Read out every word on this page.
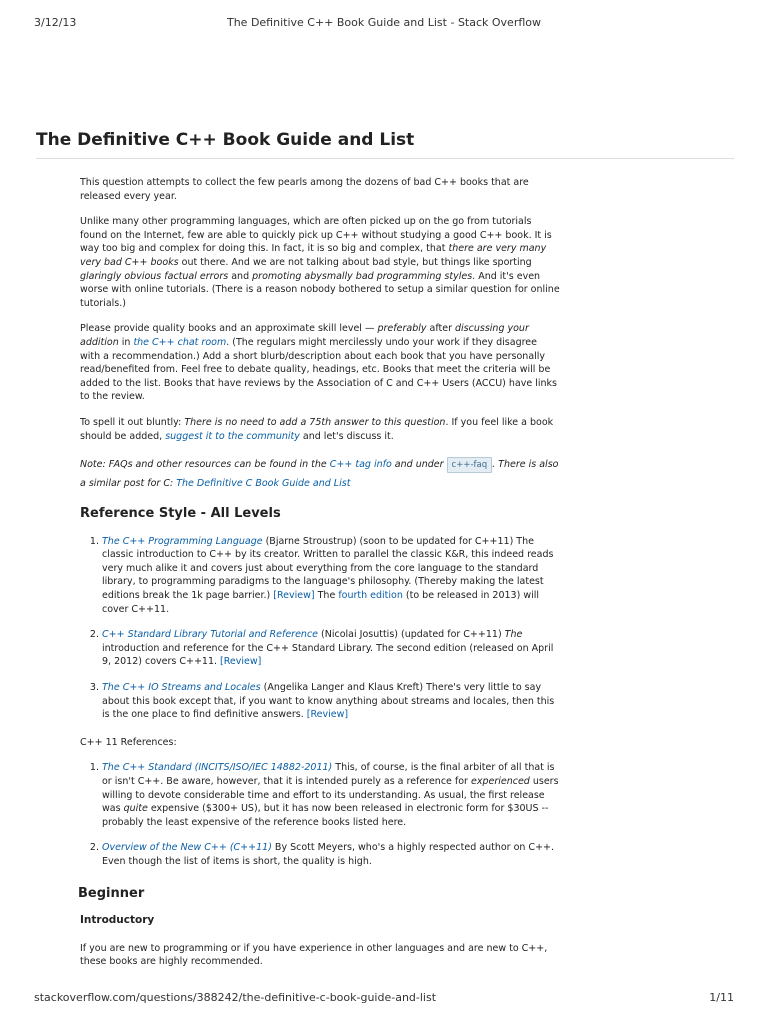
3/12/13	The Definitive C++ Book Guide and List - Stack Overflow
The Definitive C++ Book Guide and List

This question attempts to collect the few pearls among the dozens of bad C++ books that are released every year.

Unlike many other programming languages, which are often picked up on the go from tutorials found on the Internet, few are able to quickly pick up C++ without studying a good C++ book. It is way too big and complex for doing this. In fact, it is so big and complex, that there are very many very bad C++ books out there. And we are not talking about bad style, but things like sporting glaringly obvious factual errors and promoting abysmally bad programming styles. And it's even worse with online tutorials. (There is a reason nobody bothered to setup a similar question for online tutorials.)

Please provide quality books and an approximate skill level — preferably after discussing your addition in the C++ chat room. (The regulars might mercilessly undo your work if they disagree with a recommendation.) Add a short blurb/description about each book that you have personally read/benefited from. Feel free to debate quality, headings, etc. Books that meet the criteria will be added to the list. Books that have reviews by the Association of C and C++ Users (ACCU) have links to the review.

To spell it out bluntly: There is no need to add a 75th answer to this question. If you feel like a book should be added, suggest it to the community and let's discuss it.

Note: FAQs and other resources can be found in the C++ tag info and under c++-faq . There is also a similar post for C: The Definitive C Book Guide and List

Reference Style - All Levels
1. The C++ Programming Language (Bjarne Stroustrup) (soon to be updated for C++11) The classic introduction to C++ by its creator. Written to parallel the classic K&R, this indeed reads very much alike it and covers just about everything from the core language to the standard library, to programming paradigms to the language's philosophy. (Thereby making the latest editions break the 1k page barrier.) [Review] The fourth edition (to be released in 2013) will cover C++11.
2. C++ Standard Library Tutorial and Reference (Nicolai Josuttis) (updated for C++11) The introduction and reference for the C++ Standard Library. The second edition (released on April 9, 2012) covers C++11. [Review]
3. The C++ IO Streams and Locales (Angelika Langer and Klaus Kreft) There's very little to say about this book except that, if you want to know anything about streams and locales, then this is the one place to find definitive answers. [Review]

C++ 11 References:

1. The C++ Standard (INCITS/ISO/IEC 14882-2011) This, of course, is the final arbiter of all that is or isn't C++. Be aware, however, that it is intended purely as a reference for experienced users willing to devote considerable time and effort to its understanding. As usual, the first release was quite expensive ($300+ US), but it has now been released in electronic form for $30US -- probably the least expensive of the reference books listed here.
2. Overview of the New C++ (C++11) By Scott Meyers, who's a highly respected author on C++. Even though the list of items is short, the quality is high.
Beginner
Introductory

If you are new to programming or if you have experience in other languages and are new to C++, these books are highly recommended.

stackoverflow.com/questions/388242/the-definitive-c-book-guide-and-list	1/11
